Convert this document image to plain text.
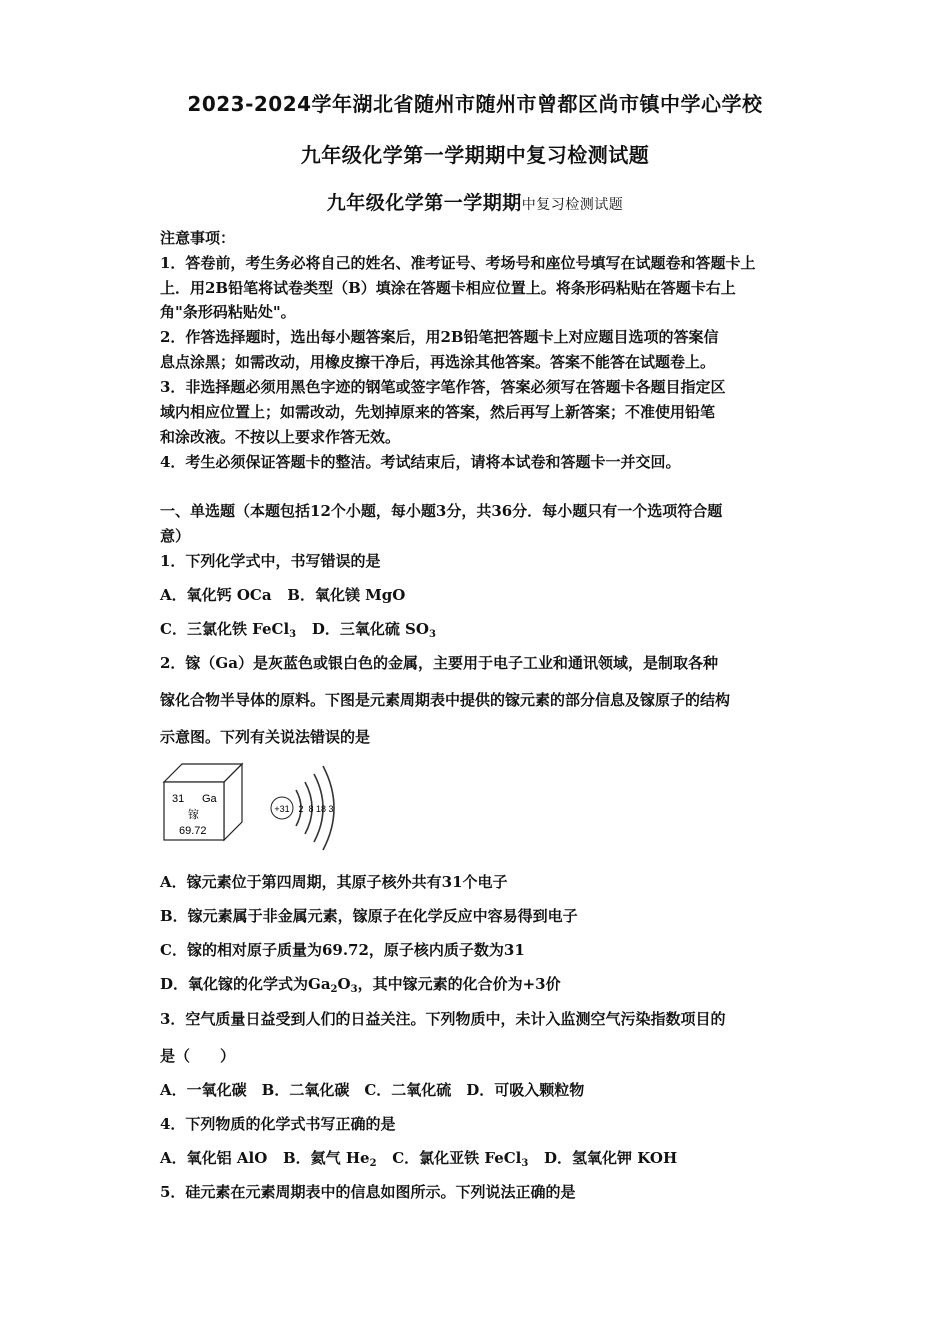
2023-2024学年湖北省随州市随州市曾都区尚市镇中学心学校
九年级化学第一学期期中复习检测试题
九年级化学第一学期期中复习检测试题
注意事项：
1．答卷前，考生务必将自己的姓名、准考证号、考场号和座位号填写在试题卷和答题卡上
上．用2B铅笔将试卷类型（B）填涂在答题卡相应位置上。将条形码粘贴在答题卡右上
角"条形码粘贴处"。
2．作答选择题时，选出每小题答案后，用2B铅笔把答题卡上对应题目选项的答案信
息点涂黑；如需改动，用橡皮擦干净后，再选涂其他答案。答案不能答在试题卷上。
3．非选择题必须用黑色字迹的钢笔或签字笔作答，答案必须写在答题卡各题目指定区
域内相应位置上；如需改动，先划掉原来的答案，然后再写上新答案；不准使用铅笔
和涂改液。不按以上要求作答无效。
4．考生必须保证答题卡的整洁。考试结束后，请将本试卷和答题卡一并交回。
一、单选题（本题包括12个小题，每小题3分，共36分．每小题只有一个选项符合题
意）
1．下列化学式中，书写错误的是
A．氧化钙 OCa B．氧化镁 MgO
C．三氯化铁 FeCl$_3$ D．三氧化硫 $SO_3$
2．镓（Ga）是灰蓝色或银白色的金属，主要用于电子工业和通讯领域，是制取各种
镓化合物半导体的原料。下图是元素周期表中提供的镓元素的部分信息及镓原子的结构
示意图。下列有关说法错误的是
31 Ga
镓
69.72
+31 2 8 18 3
A．镓元素位于第四周期，其原子核外共有31个电子
B．镓元素属于非金属元素，镓原子在化学反应中容易得到电子
C．镓的相对原子质量为69.72，原子核内质子数为31
D．氧化镓的化学式为$Ga_2O_3$，其中镓元素的化合价为+3价
3．空气质量日益受到人们的日益关注。下列物质中，未计入监测空气污染指数项目的
是（　　）
A．一氧化碳　B．二氧化碳　C．二氧化硫　D．可吸入颗粒物
4．下列物质的化学式书写正确的是
A．氧化铝 AlO B．氦气 $He_2$ C．氯化亚铁 FeCl$_3$ D．氢氧化钾 KOH
5．硅元素在元素周期表中的信息如图所示。下列说法正确的是
